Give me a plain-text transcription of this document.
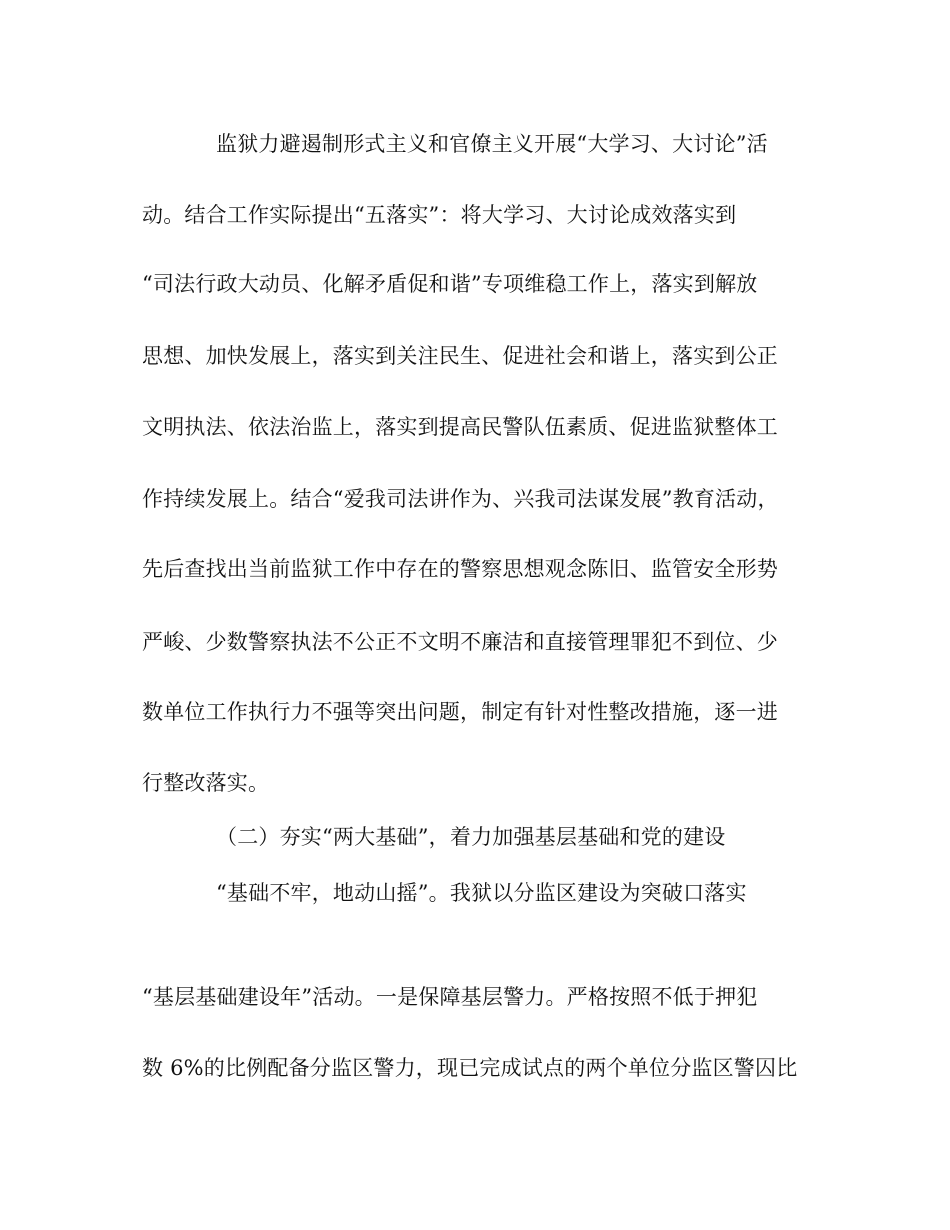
监狱力避遏制形式主义和官僚主义开展“大学习、大讨论”活
动。结合工作实际提出“五落实”：将大学习、大讨论成效落实到
“司法行政大动员、化解矛盾促和谐”专项维稳工作上，落实到解放
思想、加快发展上，落实到关注民生、促进社会和谐上，落实到公正
文明执法、依法治监上，落实到提高民警队伍素质、促进监狱整体工
作持续发展上。结合“爱我司法讲作为、兴我司法谋发展”教育活动，
先后查找出当前监狱工作中存在的警察思想观念陈旧、监管安全形势
严峻、少数警察执法不公正不文明不廉洁和直接管理罪犯不到位、少
数单位工作执行力不强等突出问题，制定有针对性整改措施，逐一进
行整改落实。
（二）夯实“两大基础”，着力加强基层基础和党的建设
“基础不牢，地动山摇”。我狱以分监区建设为突破口落实
“基层基础建设年”活动。一是保障基层警力。严格按照不低于押犯
数 6%的比例配备分监区警力，现已完成试点的两个单位分监区警囚比
